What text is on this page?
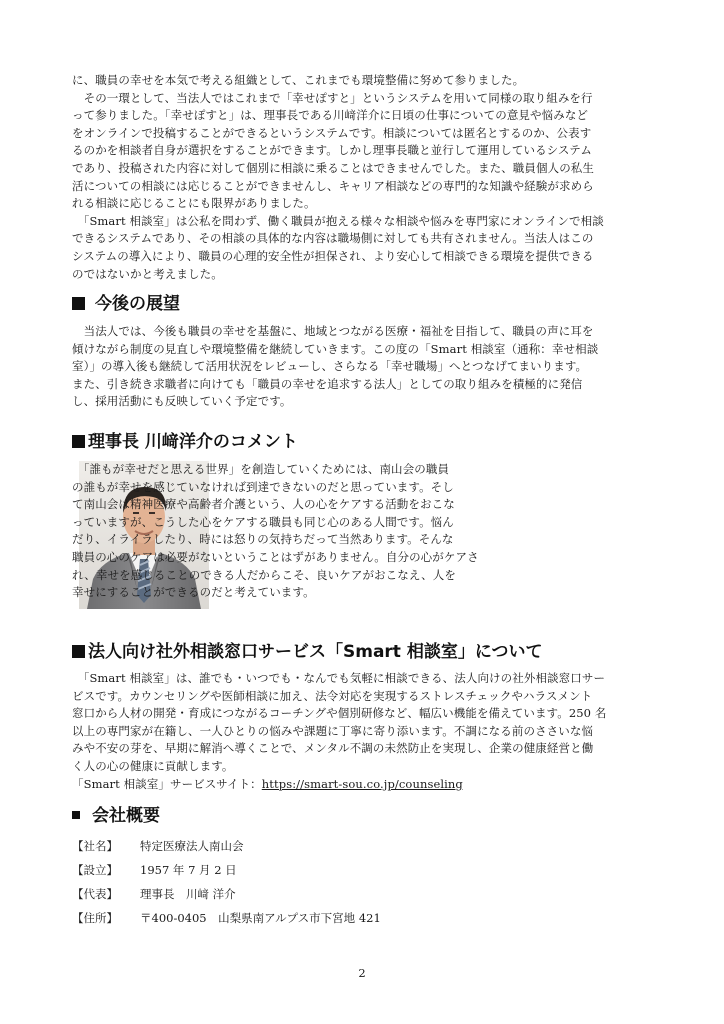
に、職員の幸せを本気で考える組織として、これまでも環境整備に努めて参りました。
　その一環として、当法人ではこれまで「幸せぽすと」というシステムを用いて同様の取り組みを行
って参りました。「幸せぽすと」は、理事長である川﨑洋介に日頃の仕事についての意見や悩みなど
をオンラインで投稿することができるというシステムです。相談については匿名とするのか、公表す
るのかを相談者自身が選択をすることができます。しかし理事長職と並行して運用しているシステム
であり、投稿された内容に対して個別に相談に乗ることはできませんでした。また、職員個人の私生
活についての相談には応じることができませんし、キャリア相談などの専門的な知識や経験が求めら
れる相談に応じることにも限界がありました。
　「Smart 相談室」は公私を問わず、働く職員が抱える様々な相談や悩みを専門家にオンラインで相談
できるシステムであり、その相談の具体的な内容は職場側に対しても共有されません。当法人はこの
システムの導入により、職員の心理的安全性が担保され、より安心して相談できる環境を提供できる
のではないかと考えました。

今後の展望

　当法人では、今後も職員の幸せを基盤に、地域とつながる医療・福祉を目指して、職員の声に耳を
傾けながら制度の見直しや環境整備を継続していきます。この度の「Smart 相談室（通称：幸せ相談
室）」の導入後も継続して活用状況をレビューし、さらなる「幸せ職場」へとつなげてまいります。
また、引き続き求職者に向けても「職員の幸せを追求する法人」としての取り組みを積極的に発信
し、採用活動にも反映していく予定です。

理事長 川﨑洋介のコメント

　「誰もが幸せだと思える世界」を創造していくためには、南山会の職員
の誰もが幸せを感じていなければ到達できないのだと思っています。そし
て南山会は精神医療や高齢者介護という、人の心をケアする活動をおこな
っていますが、こうした心をケアする職員も同じ心のある人間です。悩ん
だり、イライラしたり、時には怒りの気持ちだって当然あります。そんな
職員の心のケアは必要がないということはずがありません。自分の心がケアさ
れ、幸せを感じることのできる人だからこそ、良いケアがおこなえ、人を
幸せにすることができるのだと考えています。

法人向け社外相談窓口サービス「Smart 相談室」について

　「Smart 相談室」は、誰でも・いつでも・なんでも気軽に相談できる、法人向けの社外相談窓口サー
ビスです。カウンセリングや医師相談に加え、法令対応を実現するストレスチェックやハラスメント
窓口から人材の開発・育成につながるコーチングや個別研修など、幅広い機能を備えています。250 名
以上の専門家が在籍し、一人ひとりの悩みや課題に丁寧に寄り添います。不調になる前のささいな悩
みや不安の芽を、早期に解消へ導くことで、メンタル不調の未然防止を実現し、企業の健康経営と働
く人の心の健康に貢献します。
「Smart 相談室」サービスサイト：https://smart-sou.co.jp/counseling

会社概要
【社名】 特定医療法人南山会
【設立】 1957 年 7 月 2 日
【代表】 理事長　川﨑 洋介
【住所】 〒400-0405　山梨県南アルプス市下宮地 421
2
